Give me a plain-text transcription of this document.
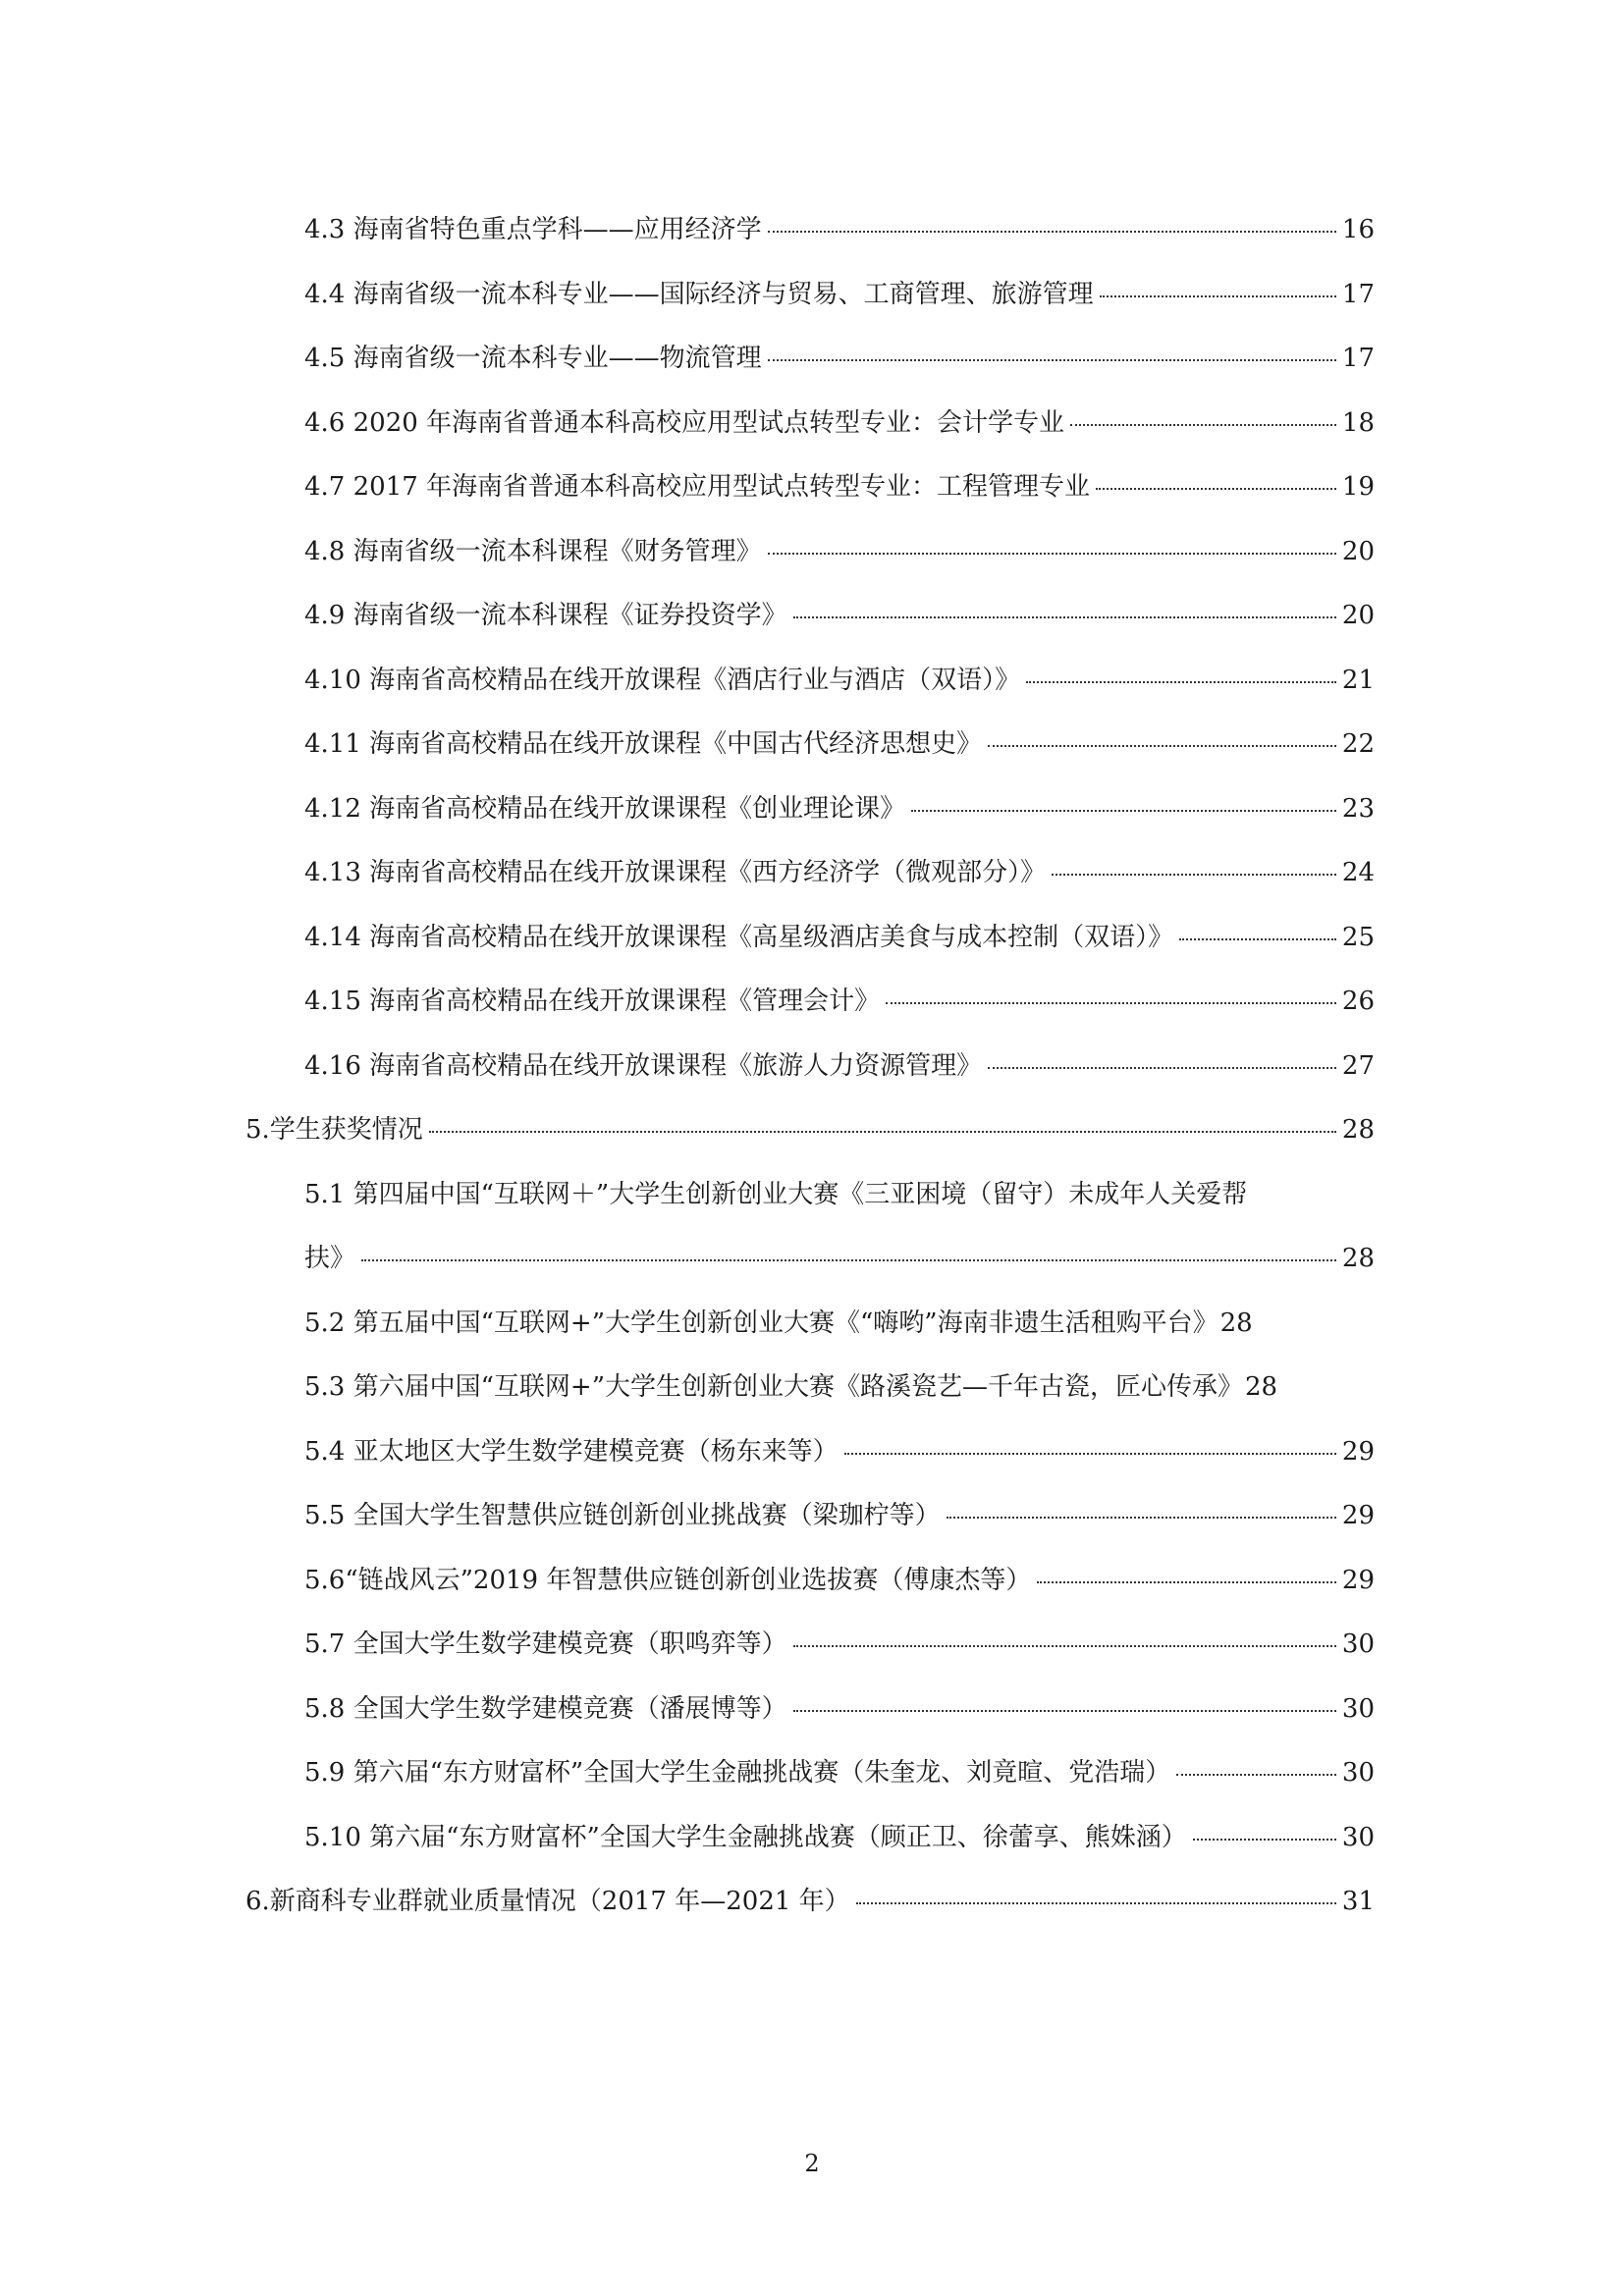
4.3 海南省特色重点学科——应用经济学	16
4.4 海南省级一流本科专业——国际经济与贸易、工商管理、旅游管理	17
4.5 海南省级一流本科专业——物流管理	17
4.6 2020 年海南省普通本科高校应用型试点转型专业：会计学专业	18
4.7 2017 年海南省普通本科高校应用型试点转型专业：工程管理专业	19
4.8 海南省级一流本科课程《财务管理》	20
4.9 海南省级一流本科课程《证券投资学》	20
4.10 海南省高校精品在线开放课程《酒店行业与酒店（双语）》	21
4.11 海南省高校精品在线开放课程《中国古代经济思想史》	22
4.12 海南省高校精品在线开放课课程《创业理论课》	23
4.13 海南省高校精品在线开放课课程《西方经济学（微观部分）》	24
4.14 海南省高校精品在线开放课课程《高星级酒店美食与成本控制（双语）》	25
4.15 海南省高校精品在线开放课课程《管理会计》	26
4.16 海南省高校精品在线开放课课程《旅游人力资源管理》	27
5.学生获奖情况	28
5.1 第四届中国“互联网＋”大学生创新创业大赛《三亚困境（留守）未成年人关爱帮
扶》	28
5.2 第五届中国“互联网+”大学生创新创业大赛《“嗨哟”海南非遗生活租购平台》 28
5.3 第六届中国“互联网+”大学生创新创业大赛《路溪瓷艺—千年古瓷，匠心传承》 28
5.4 亚太地区大学生数学建模竞赛（杨东来等）	29
5.5 全国大学生智慧供应链创新创业挑战赛（梁珈柠等）	29
5.6“链战风云”2019 年智慧供应链创新创业选拔赛（傅康杰等）	29
5.7 全国大学生数学建模竞赛（职鸣弈等）	30
5.8 全国大学生数学建模竞赛（潘展博等）	30
5.9 第六届“东方财富杯”全国大学生金融挑战赛（朱奎龙、刘竟暄、党浩瑞）	30
5.10 第六届“东方财富杯”全国大学生金融挑战赛（顾正卫、徐蕾享、熊姝涵）	30
6.新商科专业群就业质量情况（2017 年—2021 年）	31
2
